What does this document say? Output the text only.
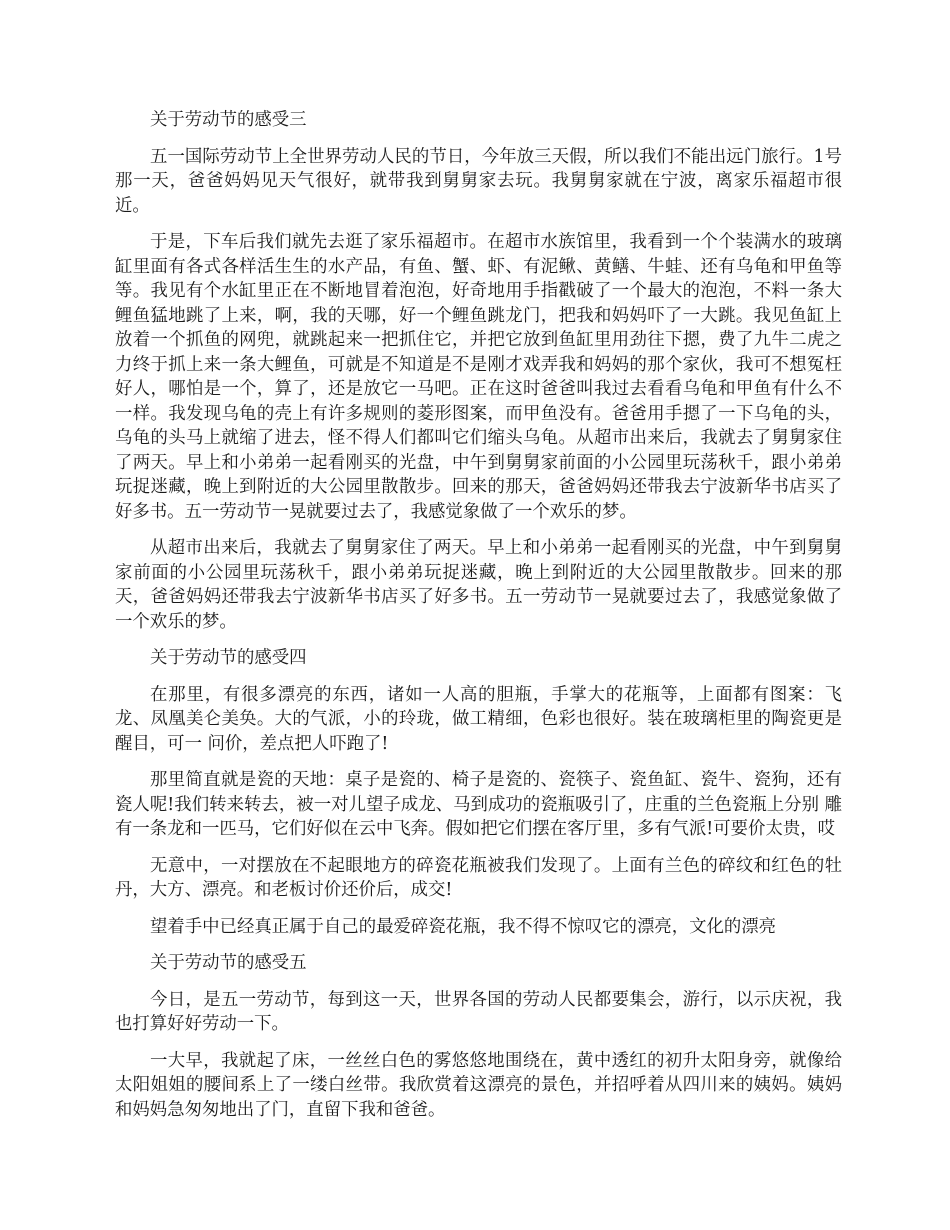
关于劳动节的感受三

五一国际劳动节上全世界劳动人民的节日，今年放三天假，所以我们不能出远门旅行。1号那一天，爸爸妈妈见天气很好，就带我到舅舅家去玩。我舅舅家就在宁波，离家乐福超市很近。

于是，下车后我们就先去逛了家乐福超市。在超市水族馆里，我看到一个个装满水的玻璃缸里面有各式各样活生生的水产品，有鱼、蟹、虾、有泥鳅、黄鳝、牛蛙、还有乌龟和甲鱼等等。我见有个水缸里正在不断地冒着泡泡，好奇地用手指戳破了一个最大的泡泡，不料一条大鲤鱼猛地跳了上来，啊，我的天哪，好一个鲤鱼跳龙门，把我和妈妈吓了一大跳。我见鱼缸上放着一个抓鱼的网兜，就跳起来一把抓住它，并把它放到鱼缸里用劲往下摁，费了九牛二虎之力终于抓上来一条大鲤鱼，可就是不知道是不是刚才戏弄我和妈妈的那个家伙，我可不想冤枉好人，哪怕是一个，算了，还是放它一马吧。正在这时爸爸叫我过去看看乌龟和甲鱼有什么不一样。我发现乌龟的壳上有许多规则的菱形图案，而甲鱼没有。爸爸用手摁了一下乌龟的头，乌龟的头马上就缩了进去，怪不得人们都叫它们缩头乌龟。从超市出来后，我就去了舅舅家住了两天。早上和小弟弟一起看刚买的光盘，中午到舅舅家前面的小公园里玩荡秋千，跟小弟弟玩捉迷藏，晚上到附近的大公园里散散步。回来的那天，爸爸妈妈还带我去宁波新华书店买了好多书。五一劳动节一晃就要过去了，我感觉象做了一个欢乐的梦。

从超市出来后，我就去了舅舅家住了两天。早上和小弟弟一起看刚买的光盘，中午到舅舅家前面的小公园里玩荡秋千，跟小弟弟玩捉迷藏，晚上到附近的大公园里散散步。回来的那天，爸爸妈妈还带我去宁波新华书店买了好多书。五一劳动节一晃就要过去了，我感觉象做了一个欢乐的梦。

关于劳动节的感受四

在那里，有很多漂亮的东西，诸如一人高的胆瓶，手掌大的花瓶等，上面都有图案：飞龙、凤凰美仑美奂。大的气派，小的玲珑，做工精细，色彩也很好。装在玻璃柜里的陶瓷更是醒目，可一 问价，差点把人吓跑了!

那里简直就是瓷的天地：桌子是瓷的、椅子是瓷的、瓷筷子、瓷鱼缸、瓷牛、瓷狗，还有瓷人呢!我们转来转去，被一对儿望子成龙、马到成功的瓷瓶吸引了，庄重的兰色瓷瓶上分别 雕有一条龙和一匹马，它们好似在云中飞奔。假如把它们摆在客厅里，多有气派!可要价太贵，哎

无意中，一对摆放在不起眼地方的碎瓷花瓶被我们发现了。上面有兰色的碎纹和红色的牡丹，大方、漂亮。和老板讨价还价后，成交!

望着手中已经真正属于自己的最爱碎瓷花瓶，我不得不惊叹它的漂亮，文化的漂亮

关于劳动节的感受五

今日，是五一劳动节，每到这一天，世界各国的劳动人民都要集会，游行，以示庆祝，我也打算好好劳动一下。

一大早，我就起了床，一丝丝白色的雾悠悠地围绕在，黄中透红的初升太阳身旁，就像给太阳姐姐的腰间系上了一缕白丝带。我欣赏着这漂亮的景色，并招呼着从四川来的姨妈。姨妈和妈妈急匆匆地出了门，直留下我和爸爸。
